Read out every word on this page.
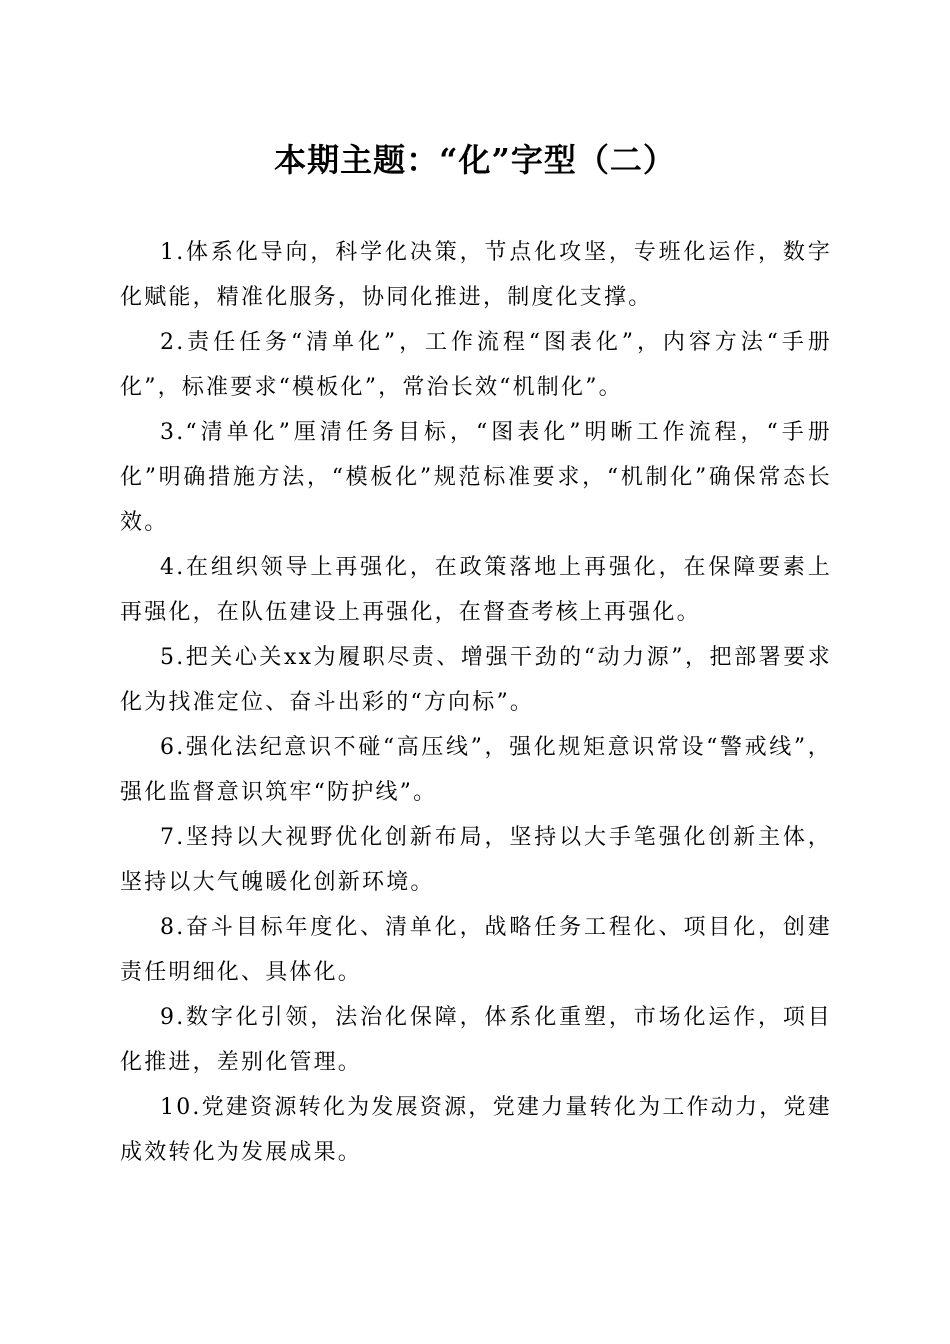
本期主题：“化”字型（二）

1.体系化导向，科学化决策，节点化攻坚，专班化运作，数字化赋能，精准化服务，协同化推进，制度化支撑。

2.责任任务“清单化”，工作流程“图表化”，内容方法“手册化”，标准要求“模板化”，常治长效“机制化”。

3.“清单化”厘清任务目标，“图表化”明晰工作流程，“手册化”明确措施方法，“模板化”规范标准要求，“机制化”确保常态长效。

4.在组织领导上再强化，在政策落地上再强化，在保障要素上再强化，在队伍建设上再强化，在督查考核上再强化。

5.把关心关xx为履职尽责、增强干劲的“动力源”，把部署要求化为找准定位、奋斗出彩的“方向标”。

6.强化法纪意识不碰“高压线”，强化规矩意识常设“警戒线”，强化监督意识筑牢“防护线”。

7.坚持以大视野优化创新布局，坚持以大手笔强化创新主体，坚持以大气魄暖化创新环境。

8.奋斗目标年度化、清单化，战略任务工程化、项目化，创建责任明细化、具体化。

9.数字化引领，法治化保障，体系化重塑，市场化运作，项目化推进，差别化管理。

10.党建资源转化为发展资源，党建力量转化为工作动力，党建成效转化为发展成果。
